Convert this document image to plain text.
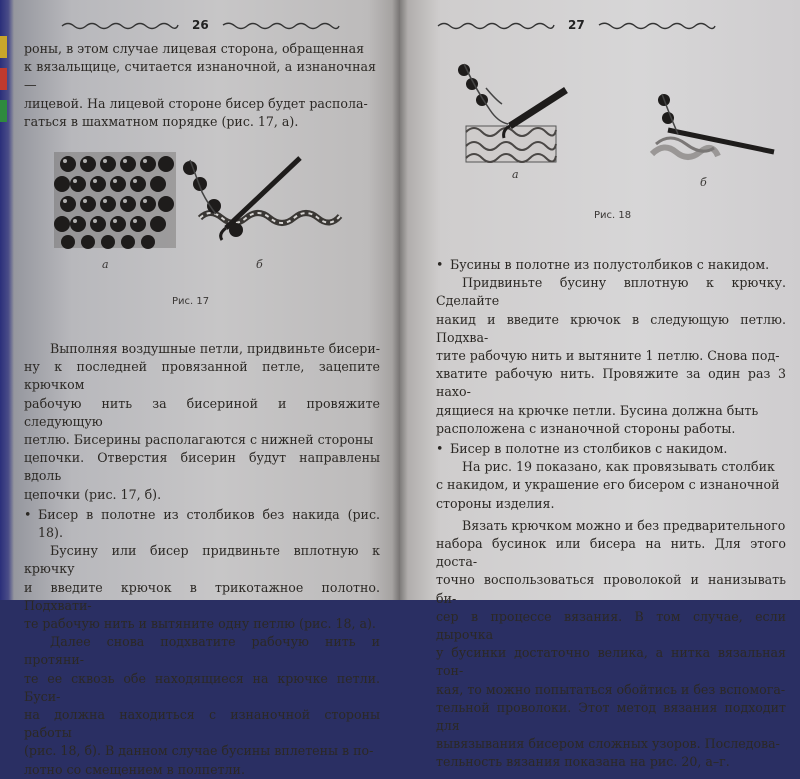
26

роны, в этом случае лицевая сторона, обращенная

к вязальщице, считается изнаночной, а изнаночная —

лицевой. На лицевой стороне бисер будет распола-

гаться в шахматном порядке (рис. 17, а).

а	б
Рис. 17

Выполняя воздушные петли, придвиньте бисери-

ну к последней провязанной петле, зацепите крючком

рабочую нить за бисериной и провяжите следующую

петлю. Бисерины располагаются с нижней стороны

цепочки. Отверстия бисерин будут направлены вдоль

цепочки (рис. 17, б).

• Бисер в полотне из столбиков без накида (рис. 18).

Бусину или бисер придвиньте вплотную к крючку

и введите крючок в трикотажное полотно. Подхвати-

те рабочую нить и вытяните одну петлю (рис. 18, а).

Далее снова подхватите рабочую нить и протяни-

те ее сквозь обе находящиеся на крючке петли. Буси-

на должна находиться с изнаночной стороны работы

(рис. 18, б). В данном случае бусины вплетены в по-

лотно со смещением в полпетли.

27
а
б
Рис. 18

• Бусины в полотне из полустолбиков с накидом.

Придвиньте бусину вплотную к крючку. Сделайте

накид и введите крючок в следующую петлю. Подхва-

тите рабочую нить и вытяните 1 петлю. Снова под-

хватите рабочую нить. Провяжите за один раз 3 нахо-

дящиеся на крючке петли. Бусина должна быть

расположена с изнаночной стороны работы.

• Бисер в полотне из столбиков с накидом.

На рис. 19 показано, как провязывать столбик

с накидом, и украшение его бисером с изнаночной

стороны изделия.

Вязать крючком можно и без предварительного

набора бусинок или бисера на нить. Для этого доста-

точно воспользоваться проволокой и нанизывать би-

сер в процессе вязания. В том случае, если дырочка

у бусинки достаточно велика, а нитка вязальная тон-

кая, то можно попытаться обойтись и без вспомога-

тельной проволоки. Этот метод вязания подходит для

вывязывания бисером сложных узоров. Последова-

тельность вязания показана на рис. 20, а–г.
